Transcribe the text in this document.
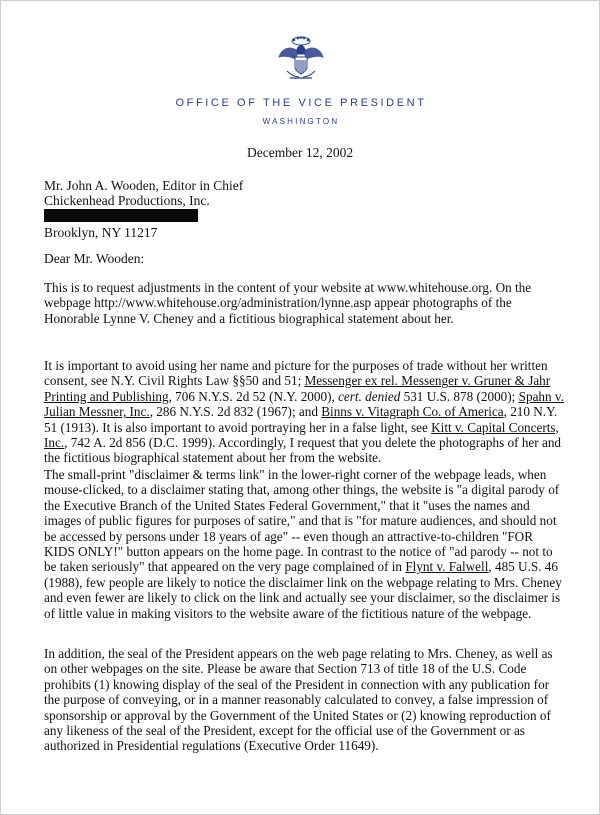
OFFICE OF THE VICE PRESIDENT
WASHINGTON
December 12, 2002
Mr. John A. Wooden, Editor in Chief
Chickenhead Productions, Inc.
Brooklyn, NY 11217
Dear Mr. Wooden:

This is to request adjustments in the content of your website at www.whitehouse.org. On the webpage http://www.whitehouse.org/administration/lynne.asp appear photographs of the Honorable Lynne V. Cheney and a fictitious biographical statement about her.

It is important to avoid using her name and picture for the purposes of trade without her written consent, see N.Y. Civil Rights Law §§50 and 51; Messenger ex rel. Messenger v. Gruner & Jahr Printing and Publishing, 706 N.Y.S. 2d 52 (N.Y. 2000), cert. denied 531 U.S. 878 (2000); Spahn v. Julian Messner, Inc., 286 N.Y.S. 2d 832 (1967); and Binns v. Vitagraph Co. of America, 210 N.Y. 51 (1913). It is also important to avoid portraying her in a false light, see Kitt v. Capital Concerts, Inc., 742 A. 2d 856 (D.C. 1999). Accordingly, I request that you delete the photographs of her and the fictitious biographical statement about her from the website.

The small-print "disclaimer & terms link" in the lower-right corner of the webpage leads, when mouse-clicked, to a disclaimer stating that, among other things, the website is "a digital parody of the Executive Branch of the United States Federal Government," that it "uses the names and images of public figures for purposes of satire," and that is "for mature audiences, and should not be accessed by persons under 18 years of age" -- even though an attractive-to-children "FOR KIDS ONLY!" button appears on the home page. In contrast to the notice of "ad parody -- not to be taken seriously" that appeared on the very page complained of in Flynt v. Falwell, 485 U.S. 46 (1988), few people are likely to notice the disclaimer link on the webpage relating to Mrs. Cheney and even fewer are likely to click on the link and actually see your disclaimer, so the disclaimer is of little value in making visitors to the website aware of the fictitious nature of the webpage.

In addition, the seal of the President appears on the web page relating to Mrs. Cheney, as well as on other webpages on the site. Please be aware that Section 713 of title 18 of the U.S. Code prohibits (1) knowing display of the seal of the President in connection with any publication for the purpose of conveying, or in a manner reasonably calculated to convey, a false impression of sponsorship or approval by the Government of the United States or (2) knowing reproduction of any likeness of the seal of the President, except for the official use of the Government or as authorized in Presidential regulations (Executive Order 11649).
